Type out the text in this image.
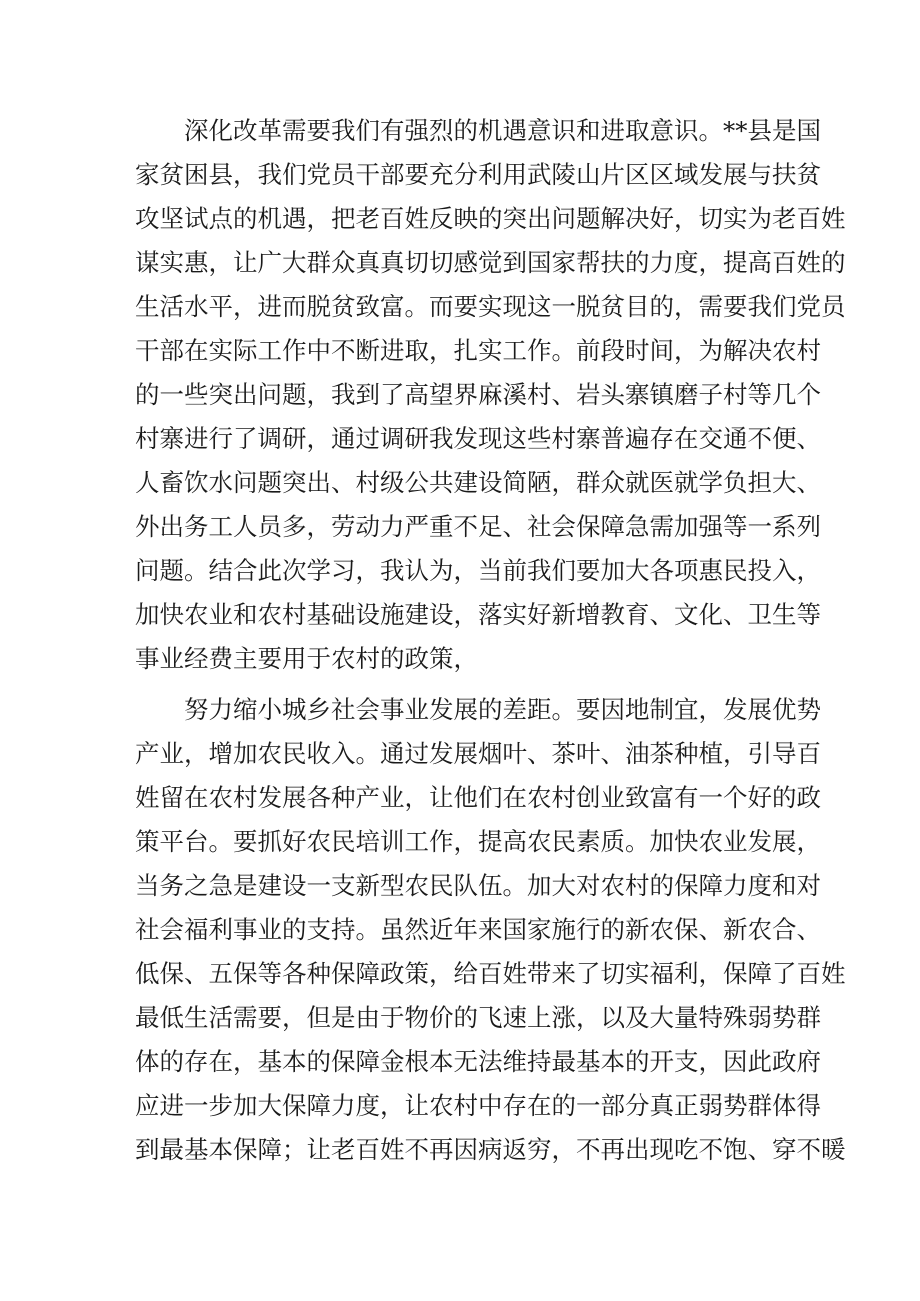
深化改革需要我们有强烈的机遇意识和进取意识。**县是国
家贫困县，我们党员干部要充分利用武陵山片区区域发展与扶贫
攻坚试点的机遇，把老百姓反映的突出问题解决好，切实为老百姓
谋实惠，让广大群众真真切切感觉到国家帮扶的力度，提高百姓的
生活水平，进而脱贫致富。而要实现这一脱贫目的，需要我们党员
干部在实际工作中不断进取，扎实工作。前段时间，为解决农村
的一些突出问题，我到了高望界麻溪村、岩头寨镇磨子村等几个
村寨进行了调研，通过调研我发现这些村寨普遍存在交通不便、
人畜饮水问题突出、村级公共建设简陋，群众就医就学负担大、
外出务工人员多，劳动力严重不足、社会保障急需加强等一系列
问题。结合此次学习，我认为，当前我们要加大各项惠民投入，
加快农业和农村基础设施建设，落实好新增教育、文化、卫生等
事业经费主要用于农村的政策，
努力缩小城乡社会事业发展的差距。要因地制宜，发展优势
产业，增加农民收入。通过发展烟叶、茶叶、油茶种植，引导百
姓留在农村发展各种产业，让他们在农村创业致富有一个好的政
策平台。要抓好农民培训工作，提高农民素质。加快农业发展，
当务之急是建设一支新型农民队伍。加大对农村的保障力度和对
社会福利事业的支持。虽然近年来国家施行的新农保、新农合、
低保、五保等各种保障政策，给百姓带来了切实福利，保障了百姓
最低生活需要，但是由于物价的飞速上涨，以及大量特殊弱势群
体的存在，基本的保障金根本无法维持最基本的开支，因此政府
应进一步加大保障力度，让农村中存在的一部分真正弱势群体得
到最基本保障；让老百姓不再因病返穷，不再出现吃不饱、穿不暖
